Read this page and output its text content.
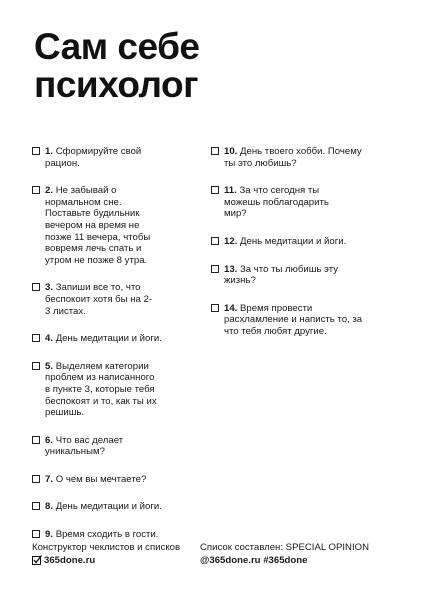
Сам себе
психолог
1. Сформируйте свой рацион.
2. Не забывай о нормальном сне. Поставьте будильник вечером на время не позже 11 вечера, чтобы вовремя лечь спать и утром не позже 8 утра.
3. Запиши все то, что беспокоит хотя бы на 2-3 листах.
4. День медитации и йоги.
5. Выделяем категории проблем из написанного в пункте 3, которые тебя беспокоят и то, как ты их решишь.
6. Что вас делает уникальным?
7. О чем вы мечтаете?
8. День медитации и йоги.
9. Время сходить в гости.
10. День твоего хобби. Почему ты это любишь?
11. За что сегодня ты можешь поблагодарить мир?
12. День медитации и йоги.
13. За что ты любишь эту жизнь?
14. Время провести расхламление и написть то, за что тебя любят другие.
Конструктор чеклистов и списков
365done.ru
Список составлен: SPECIAL OPINION
@365done.ru #365done
